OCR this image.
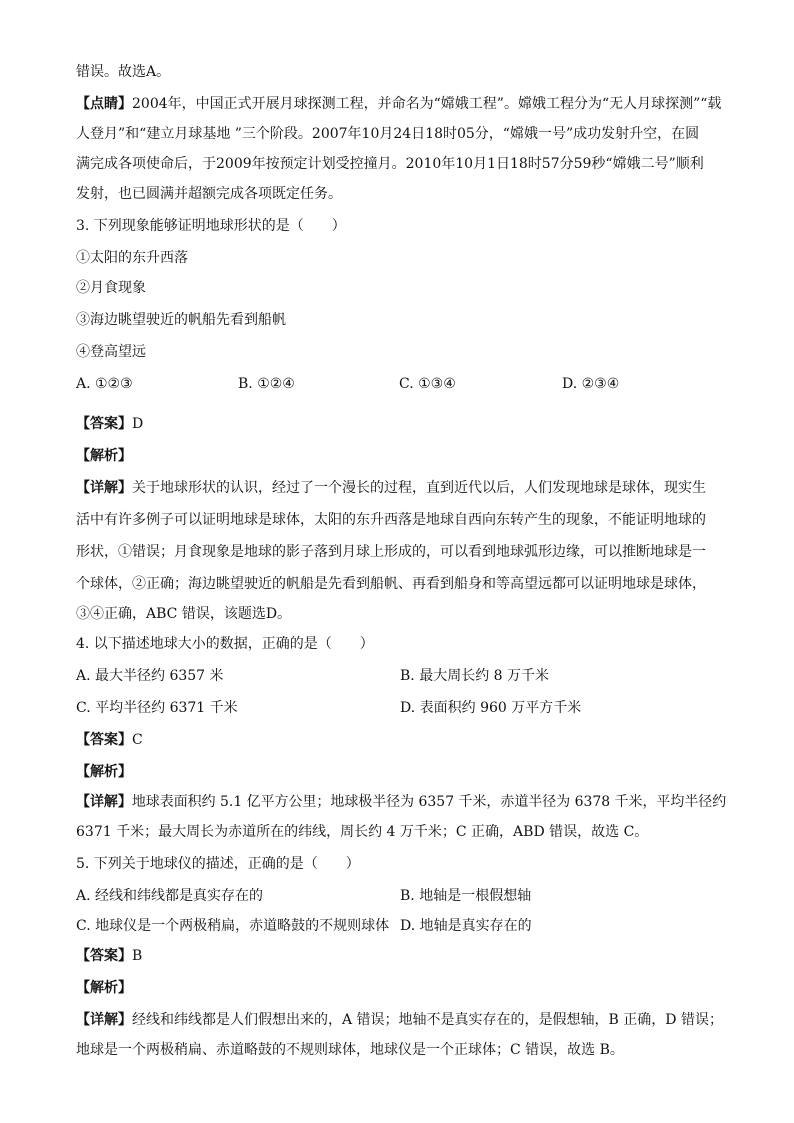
错误。故选A。
【点睛】2004年，中国正式开展月球探测工程，并命名为“嫦娥工程”。嫦娥工程分为“无人月球探测”“载
人登月”和“建立月球基地 ”三个阶段。2007年10月24日18时05分，“嫦娥一号”成功发射升空，在圆
满完成各项使命后，于2009年按预定计划受控撞月。2010年10月1日18时57分59秒“嫦娥二号”顺利
发射，也已圆满并超额完成各项既定任务。
3. 下列现象能够证明地球形状的是（　　）
①太阳的东升西落
②月食现象
③海边眺望驶近的帆船先看到船帆
④登高望远
A. ①②③	B. ①②④	C. ①③④	D. ②③④
【答案】D
【解析】
【详解】关于地球形状的认识，经过了一个漫长的过程，直到近代以后，人们发现地球是球体，现实生
活中有许多例子可以证明地球是球体，太阳的东升西落是地球自西向东转产生的现象，不能证明地球的
形状，①错误；月食现象是地球的影子落到月球上形成的，可以看到地球弧形边缘，可以推断地球是一
个球体，②正确；海边眺望驶近的帆船是先看到船帆、再看到船身和等高望远都可以证明地球是球体，
③④正确，ABC 错误，该题选D。
4. 以下描述地球大小的数据，正确的是（　　）
A. 最大半径约 6357 米	B. 最大周长约 8 万千米
C. 平均半径约 6371 千米	D. 表面积约 960 万平方千米
【答案】C
【解析】
【详解】地球表面积约 5.1 亿平方公里；地球极半径为 6357 千米，赤道半径为 6378 千米，平均半径约
6371 千米；最大周长为赤道所在的纬线，周长约 4 万千米；C 正确，ABD 错误，故选 C。
5. 下列关于地球仪的描述，正确的是（　　）
A. 经线和纬线都是真实存在的	B. 地轴是一根假想轴
C. 地球仪是一个两极稍扁，赤道略鼓的不规则球体 D. 地轴是真实存在的
【答案】B
【解析】
【详解】经线和纬线都是人们假想出来的，A 错误；地轴不是真实存在的，是假想轴，B 正确，D 错误；
地球是一个两极稍扁、赤道略鼓的不规则球体，地球仪是一个正球体；C 错误，故选 B。
